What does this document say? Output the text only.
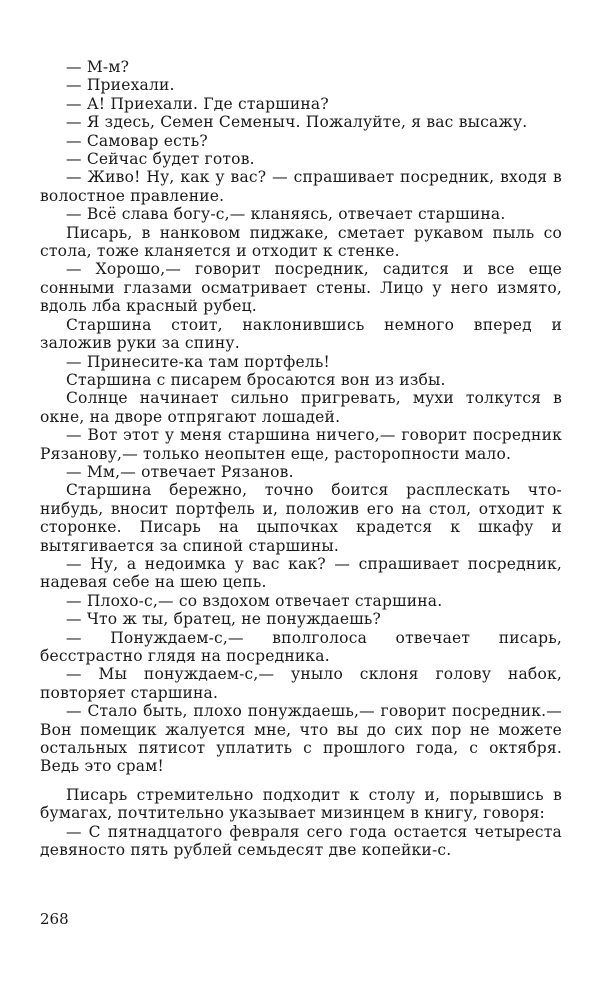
— М-м?

— Приехали.

— А! Приехали. Где старшина?

— Я здесь, Семен Семеныч. Пожалуйте, я вас высажу.

— Самовар есть?

— Сейчас будет готов.

— Живо! Ну, как у вас? — спрашивает посредник, входя в волостное правление.

— Всё слава богу-с,— кланяясь, отвечает старшина.

Писарь, в нанковом пиджаке, сметает рукавом пыль со стола, тоже кланяется и отходит к стенке.

— Хорошо,— говорит посредник, садится и все еще сонными глазами осматривает стены. Лицо у него измято, вдоль лба красный рубец.

Старшина стоит, наклонившись немного вперед и заложив руки за спину.

— Принесите-ка там портфель!

Старшина с писарем бросаются вон из избы.

Солнце начинает сильно пригревать, мухи толкутся в окне, на дворе отпрягают лошадей.

— Вот этот у меня старшина ничего,— говорит посредник Рязанову,— только неопытен еще, расторопности мало.

— Мм,— отвечает Рязанов.

Старшина бережно, точно боится расплескать что-нибудь, вносит портфель и, положив его на стол, отходит к сторонке. Писарь на цыпочках крадется к шкафу и вытягивается за спиной старшины.

— Ну, а недоимка у вас как? — спрашивает посредник, надевая себе на шею цепь.

— Плохо-с,— со вздохом отвечает старшина.

— Что ж ты, братец, не понуждаешь?

— Понуждаем-с,— вполголоса отвечает писарь, бесстрастно глядя на посредника.

— Мы понуждаем-с,— уныло склоня голову набок, повторяет старшина.

— Стало быть, плохо понуждаешь,— говорит посредник.— Вон помещик жалуется мне, что вы до сих пор не можете остальных пятисот уплатить с прошлого года, с октября. Ведь это срам!

Писарь стремительно подходит к столу и, порывшись в бумагах, почтительно указывает мизинцем в книгу, говоря:

— С пятнадцатого февраля сего года остается четыреста девяносто пять рублей семьдесят две копейки-с.

268
